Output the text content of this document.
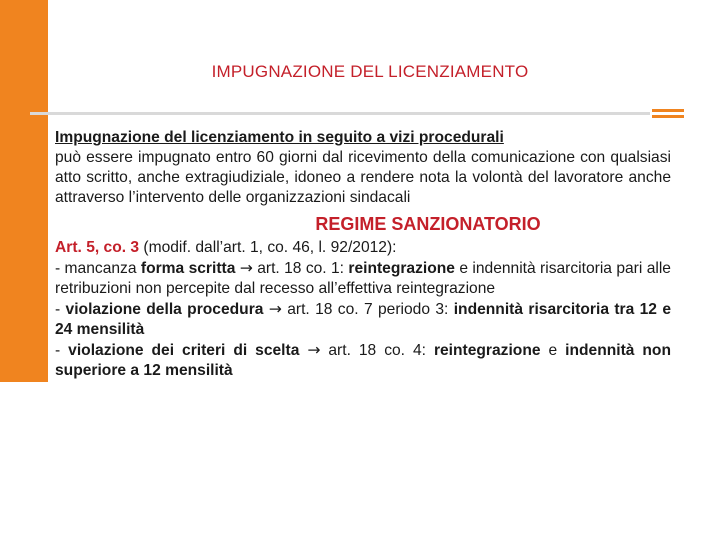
IMPUGNAZIONE DEL LICENZIAMENTO

Impugnazione del licenziamento in seguito a vizi procedurali

può essere impugnato entro 60 giorni dal ricevimento della comunicazione con qualsiasi atto scritto, anche extragiudiziale, idoneo a rendere nota la volontà del lavoratore anche attraverso l’intervento delle organizzazioni sindacali

REGIME SANZIONATORIO

Art. 5, co. 3 (modif. dall’art. 1, co. 46, l. 92/2012):

- mancanza forma scritta → art. 18 co. 1: reintegrazione e indennità risarcitoria pari alle retribuzioni non percepite dal recesso all’effettiva reintegrazione

- violazione della procedura → art. 18 co. 7 periodo 3: indennità risarcitoria tra 12 e 24 mensilità

- violazione dei criteri di scelta → art. 18 co. 4: reintegrazione e indennità non superiore a 12 mensilità
